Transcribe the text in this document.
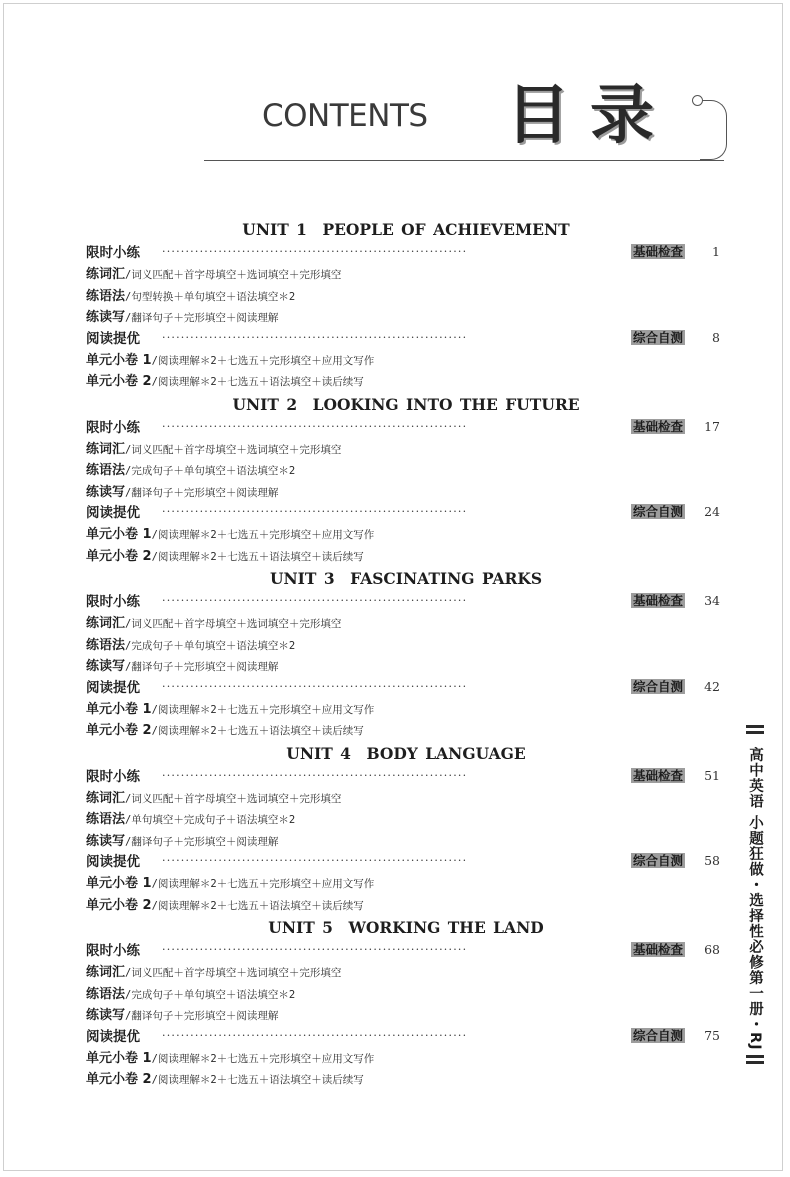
CONTENTS 目录
UNIT 1　PEOPLE OF ACHIEVEMENT
限时小练 ·································································	基础检查 1
练词汇/词义匹配＋首字母填空＋选词填空＋完形填空
练语法/句型转换＋单句填空＋语法填空＊2
练读写/翻译句子＋完形填空＋阅读理解
阅读提优 ·································································	综合自测 8
单元小卷 1/阅读理解＊2＋七选五＋完形填空＋应用文写作
单元小卷 2/阅读理解＊2＋七选五＋语法填空＋读后续写
UNIT 2　LOOKING INTO THE FUTURE
限时小练 ·································································	基础检查 17
练词汇/词义匹配＋首字母填空＋选词填空＋完形填空
练语法/完成句子＋单句填空＋语法填空＊2
练读写/翻译句子＋完形填空＋阅读理解
阅读提优 ·································································	综合自测 24
单元小卷 1/阅读理解＊2＋七选五＋完形填空＋应用文写作
单元小卷 2/阅读理解＊2＋七选五＋语法填空＋读后续写
UNIT 3　FASCINATING PARKS
限时小练 ·································································	基础检查 34
练词汇/词义匹配＋首字母填空＋选词填空＋完形填空
练语法/完成句子＋单句填空＋语法填空＊2
练读写/翻译句子＋完形填空＋阅读理解
阅读提优 ·································································	综合自测 42
单元小卷 1/阅读理解＊2＋七选五＋完形填空＋应用文写作
单元小卷 2/阅读理解＊2＋七选五＋语法填空＋读后续写
UNIT 4　BODY LANGUAGE
限时小练 ·································································	基础检查 51
练词汇/词义匹配＋首字母填空＋选词填空＋完形填空
练语法/单句填空＋完成句子＋语法填空＊2
练读写/翻译句子＋完形填空＋阅读理解
阅读提优 ·································································	综合自测 58
单元小卷 1/阅读理解＊2＋七选五＋完形填空＋应用文写作
单元小卷 2/阅读理解＊2＋七选五＋语法填空＋读后续写
UNIT 5　WORKING THE LAND
限时小练 ·································································	基础检查 68
练词汇/词义匹配＋首字母填空＋选词填空＋完形填空
练语法/完成句子＋单句填空＋语法填空＊2
练读写/翻译句子＋完形填空＋阅读理解
阅读提优 ·································································	综合自测 75
单元小卷 1/阅读理解＊2＋七选五＋完形填空＋应用文写作
单元小卷 2/阅读理解＊2＋七选五＋语法填空＋读后续写
高中英语 小题狂做・选择性必修第一册・RJ
